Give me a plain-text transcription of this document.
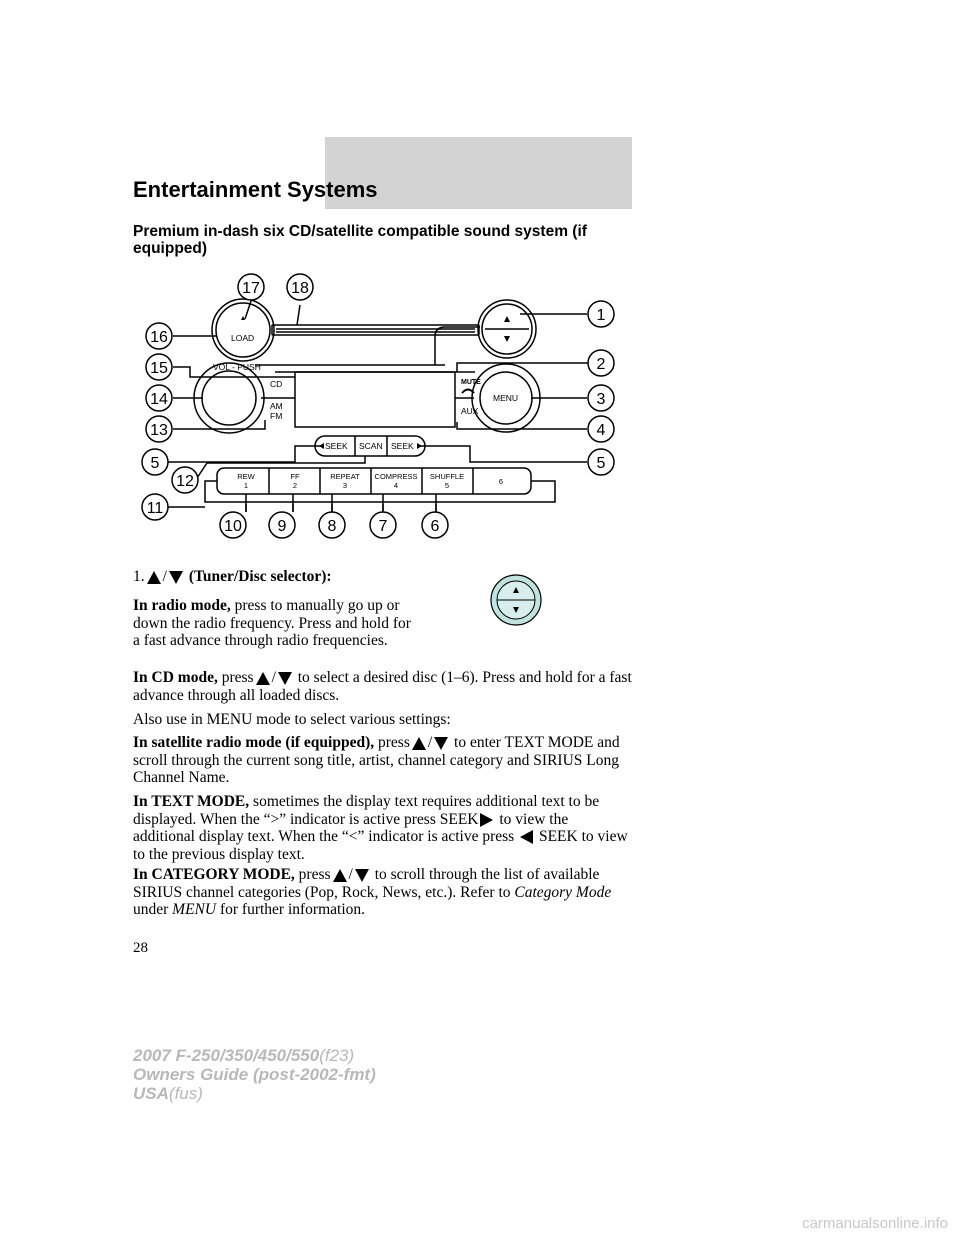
Entertainment Systems
Premium in-dash six CD/satellite compatible sound system (if equipped)
17 18
1
16
15	2
14	3
13	4
5	5
12
11
10 9	8	7	6
LOAD
VOL - PUSH
CD
AM
FM
MUTE
MENU
AUX
SEEK SCAN SEEK
REW
1
FF
2
REPEAT
3
COMPRESS
4
SHUFFLE
5	6
1. / (Tuner/Disc selector):
In radio mode, press to manually go up or down the radio frequency. Press and hold for a fast advance through radio frequencies.
In CD mode, press / to select a desired disc (1–6). Press and hold for a fast advance through all loaded discs.
Also use in MENU mode to select various settings:
In satellite radio mode (if equipped), press / to enter TEXT MODE and scroll through the current song title, artist, channel category and SIRIUS Long Channel Name.
In TEXT MODE, sometimes the display text requires additional text to be displayed. When the “>” indicator is active press SEEK to view the additional display text. When the “<” indicator is active press  SEEK to view to the previous display text.
In CATEGORY MODE, press / to scroll through the list of available SIRIUS channel categories (Pop, Rock, News, etc.). Refer to Category Mode under MENU for further information.
28
2007 F-250/350/450/550(f23)
Owners Guide (post-2002-fmt)
USA(fus)
carmanualsonline.info
